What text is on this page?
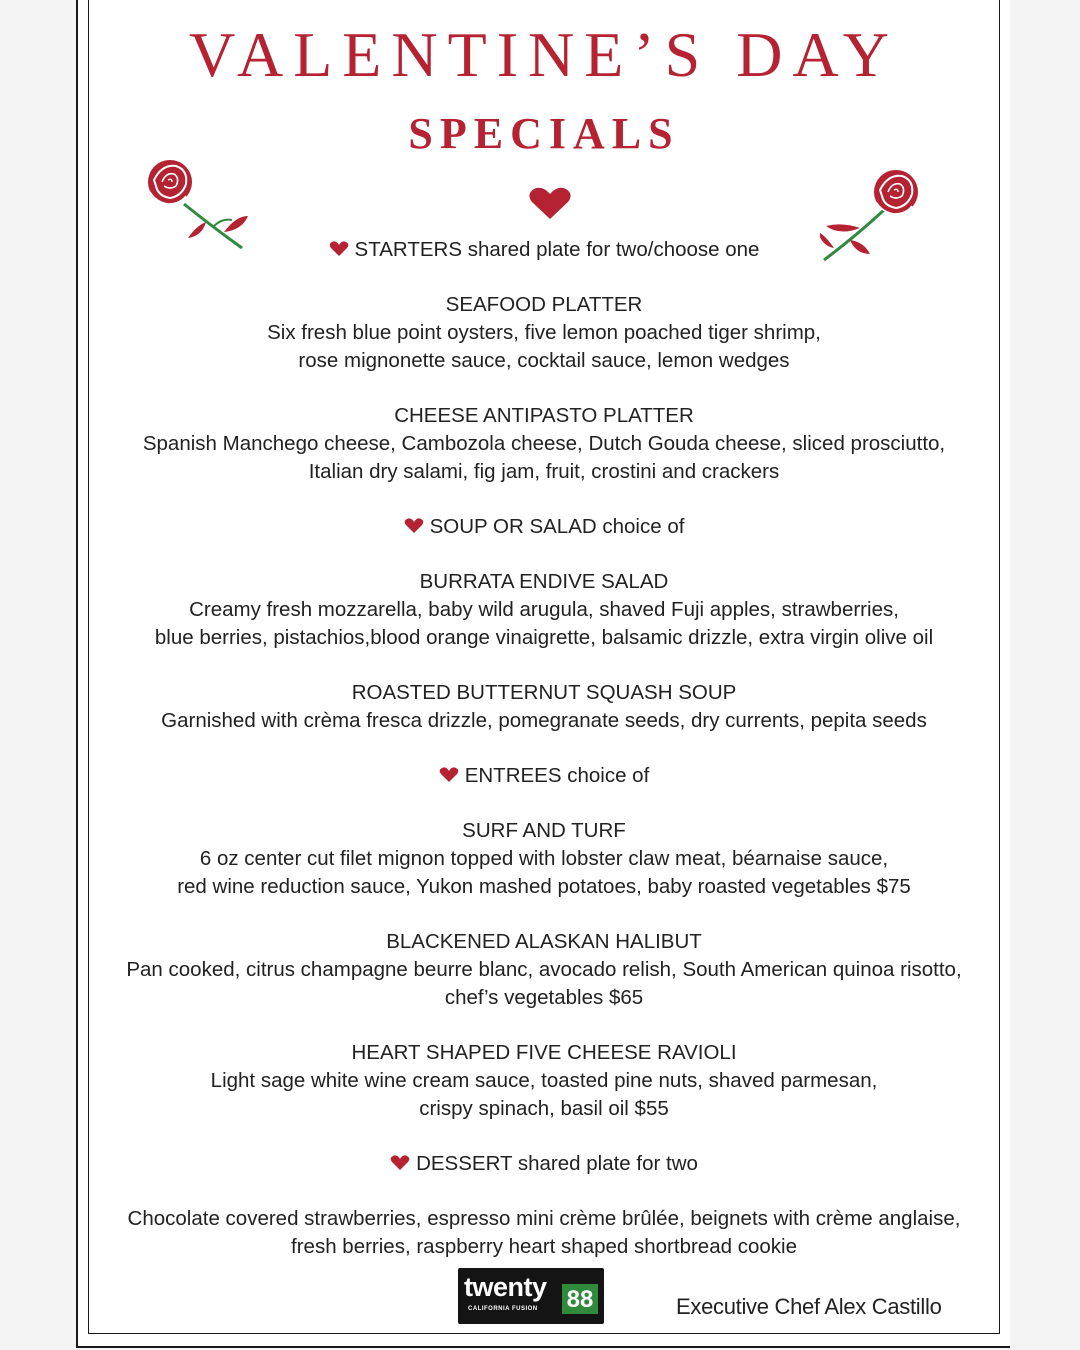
VALENTINE’S DAY
SPECIALS
STARTERS shared plate for two/choose one
SEAFOOD PLATTER
Six fresh blue point oysters, five lemon poached tiger shrimp,
rose mignonette sauce, cocktail sauce, lemon wedges
CHEESE ANTIPASTO PLATTER
Spanish Manchego cheese, Cambozola cheese, Dutch Gouda cheese, sliced prosciutto,
Italian dry salami, fig jam, fruit, crostini and crackers
SOUP OR SALAD choice of
BURRATA ENDIVE SALAD
Creamy fresh mozzarella, baby wild arugula, shaved Fuji apples, strawberries,
blue berries, pistachios,blood orange vinaigrette, balsamic drizzle, extra virgin olive oil
ROASTED BUTTERNUT SQUASH SOUP
Garnished with crèma fresca drizzle, pomegranate seeds, dry currents, pepita seeds
ENTREES choice of
SURF AND TURF
6 oz center cut filet mignon topped with lobster claw meat, béarnaise sauce,
red wine reduction sauce, Yukon mashed potatoes, baby roasted vegetables $75
BLACKENED ALASKAN HALIBUT
Pan cooked, citrus champagne beurre blanc, avocado relish, South American quinoa risotto,
chef’s vegetables $65
HEART SHAPED FIVE CHEESE RAVIOLI
Light sage white wine cream sauce, toasted pine nuts, shaved parmesan,
crispy spinach, basil oil $55
DESSERT shared plate for two
Chocolate covered strawberries, espresso mini crème brûlée, beignets with crème anglaise,
fresh berries, raspberry heart shaped shortbread cookie
twenty 88
CALIFORNIA FUSION	Executive Chef Alex Castillo
